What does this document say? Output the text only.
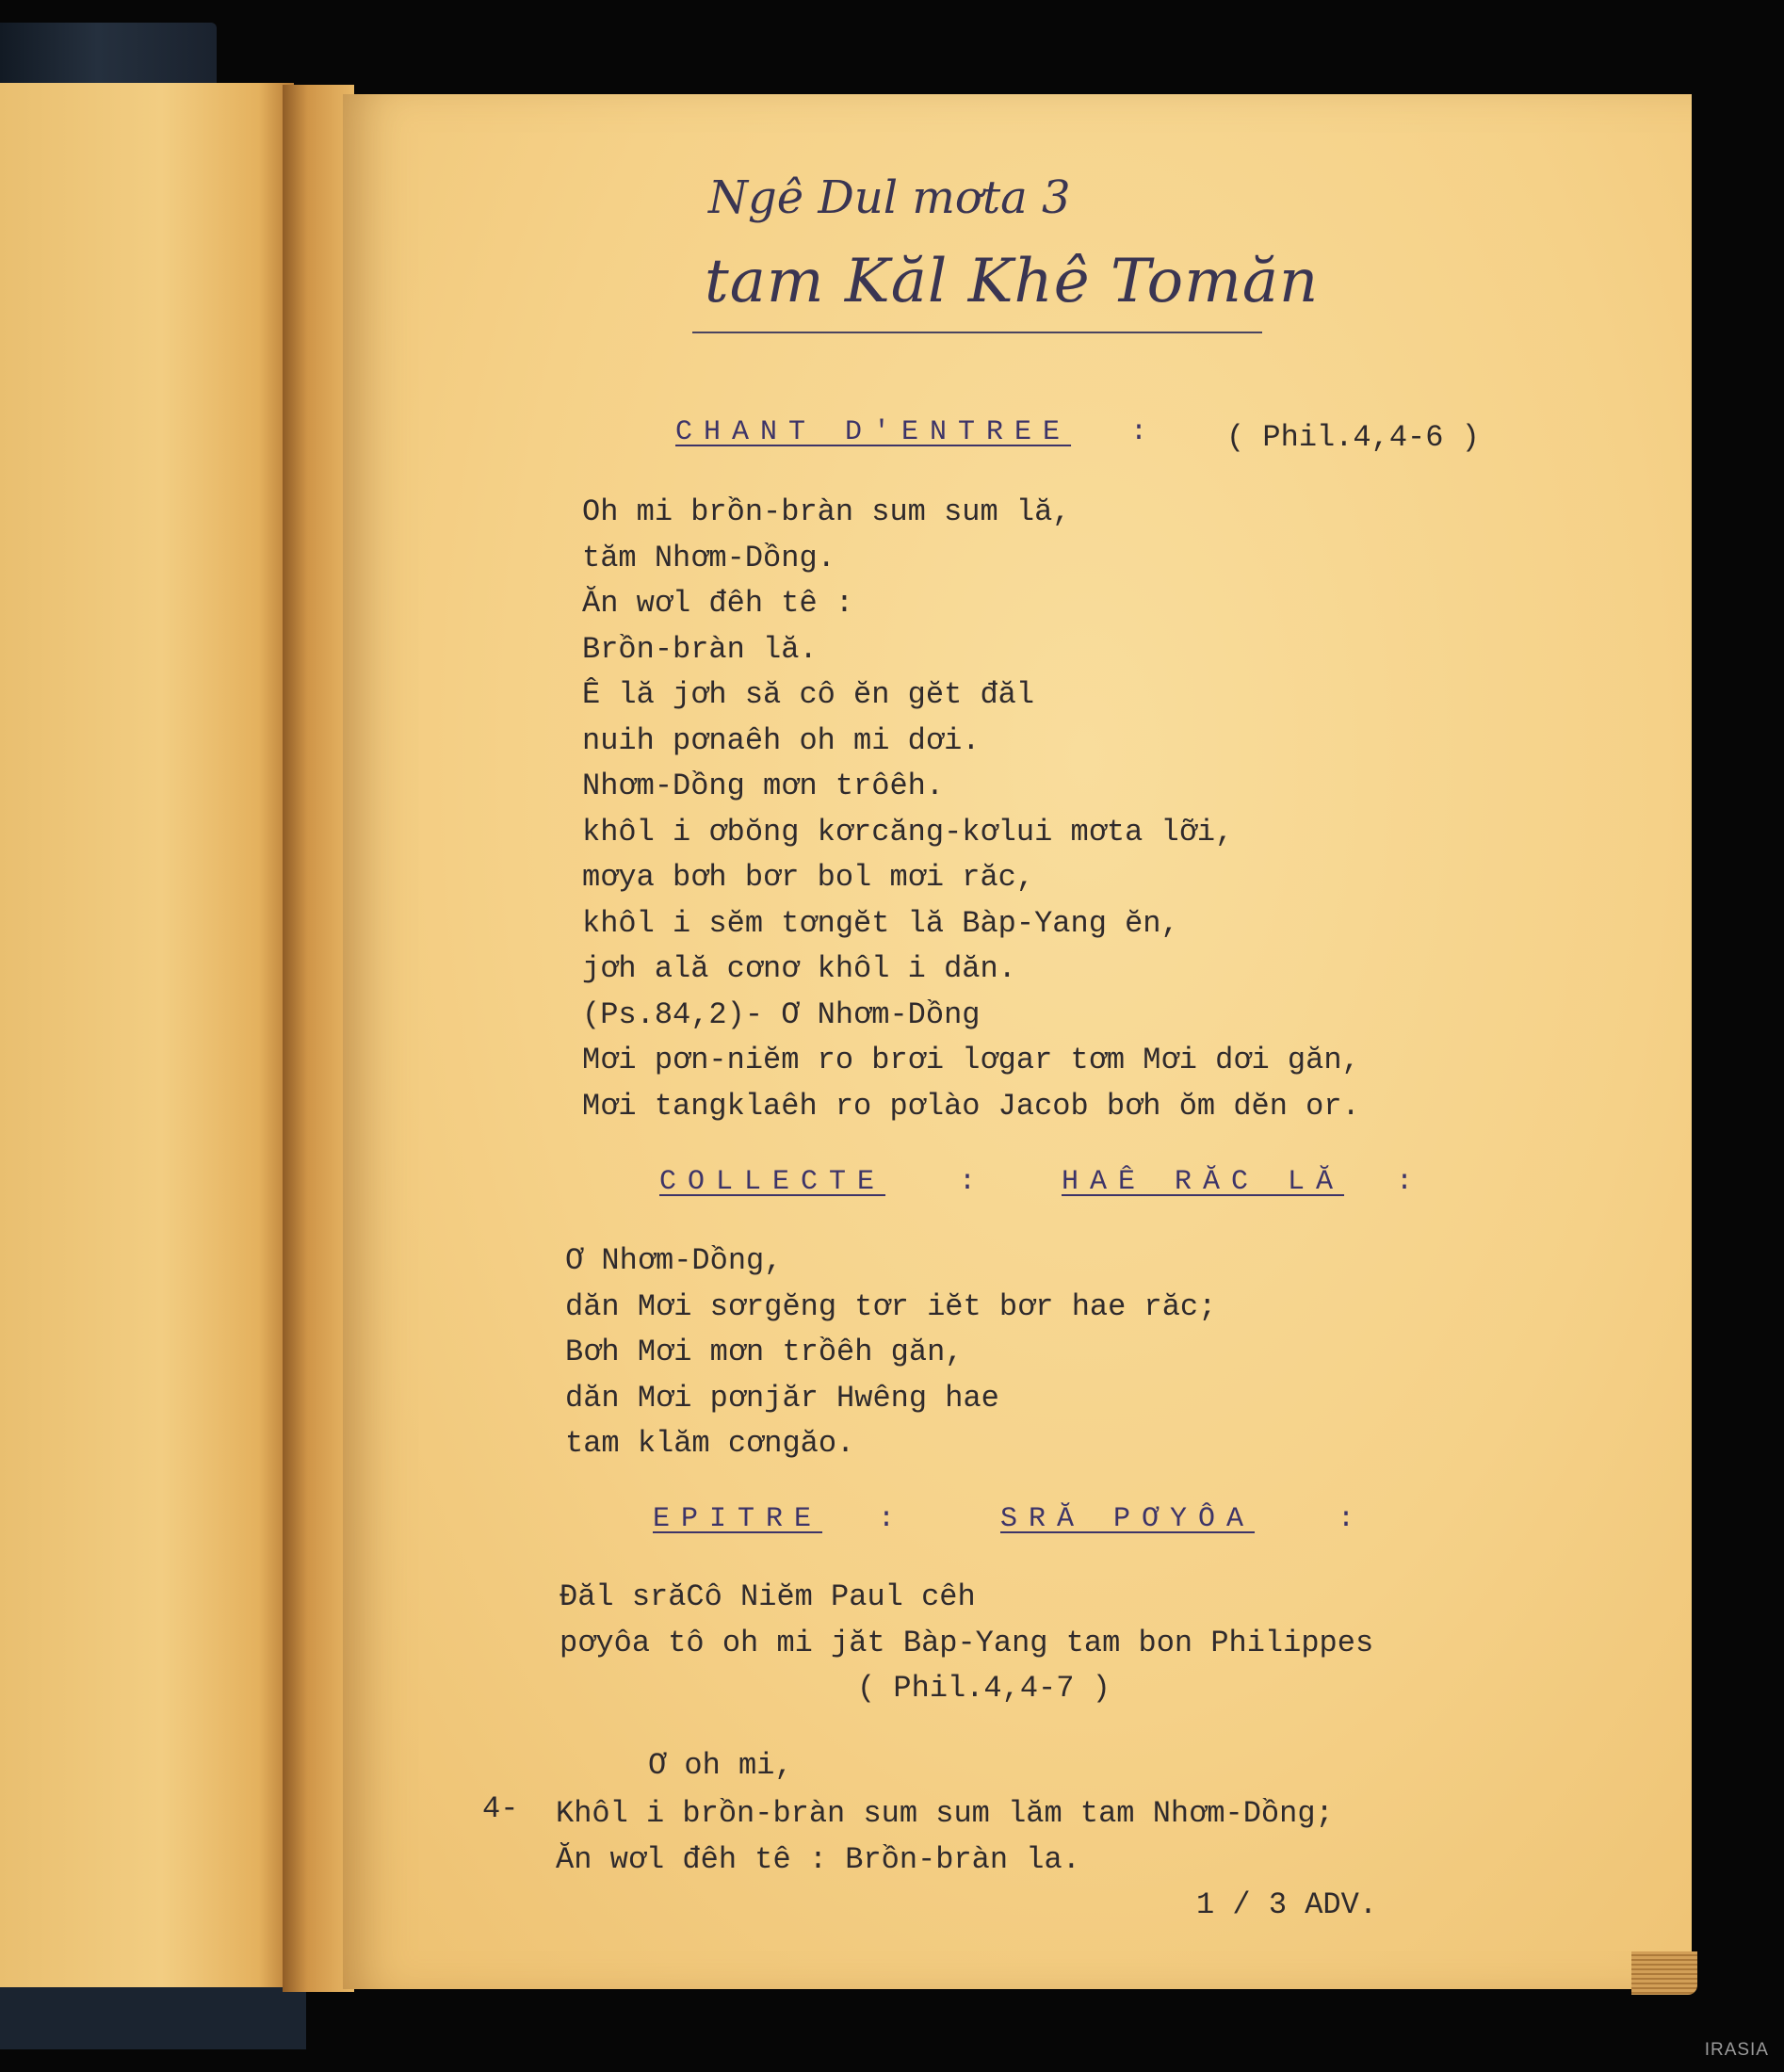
Ngê Dul mơta 3
tam Kăl Khê Tomăn
CHANT D'ENTREE :	( Phil.4,4-6 )
Oh mi brồn-bràn sum sum lă,
tăm Nhơm-Dồng.
Ăn wơl đêh tê :
Brồn-bràn lă.
Ê lă jơh să cô ĕn gĕt đăl
nuih pơnaêh oh mi dơi.
Nhơm-Dồng mơn trôêh.
khôl i ơbŏng kơrcăng-kơlui mơta lỡi,
mơya bơh bơr bol mơi răc,
khôl i sĕm tơngĕt lă Bàp-Yang ĕn,
jơh ală cơnơ khôl i dăn.
(Ps.84,2)- Ơ Nhơm-Dồng
Mơi pơn-niĕm ro brơi lơgar tơm Mơi dơi găn,
Mơi tangklaêh ro pơlào Jacob bơh ŏm dĕn or.
COLLECTE	:	HAÊ RĂC LĂ :
Ơ Nhơm-Dồng,
dăn Mơi sơrgĕng tơr iĕt bơr hae răc;
Bơh Mơi mơn trồêh găn,
dăn Mơi pơnjăr Hwêng hae
tam klăm cơngăo.
EPITRE :	SRĂ PƠYÔA	:
Đăl srăCô Niĕm Paul cêh
pơyôa tô oh mi jăt Bàp-Yang tam bon Philippes
( Phil.4,4-7 )
Ơ oh mi,
4- Khôl i brồn-bràn sum sum lăm tam Nhơm-Dồng;
Ăn wơl đêh tê : Brồn-bràn la.
1 / 3 ADV.
IRASIA
